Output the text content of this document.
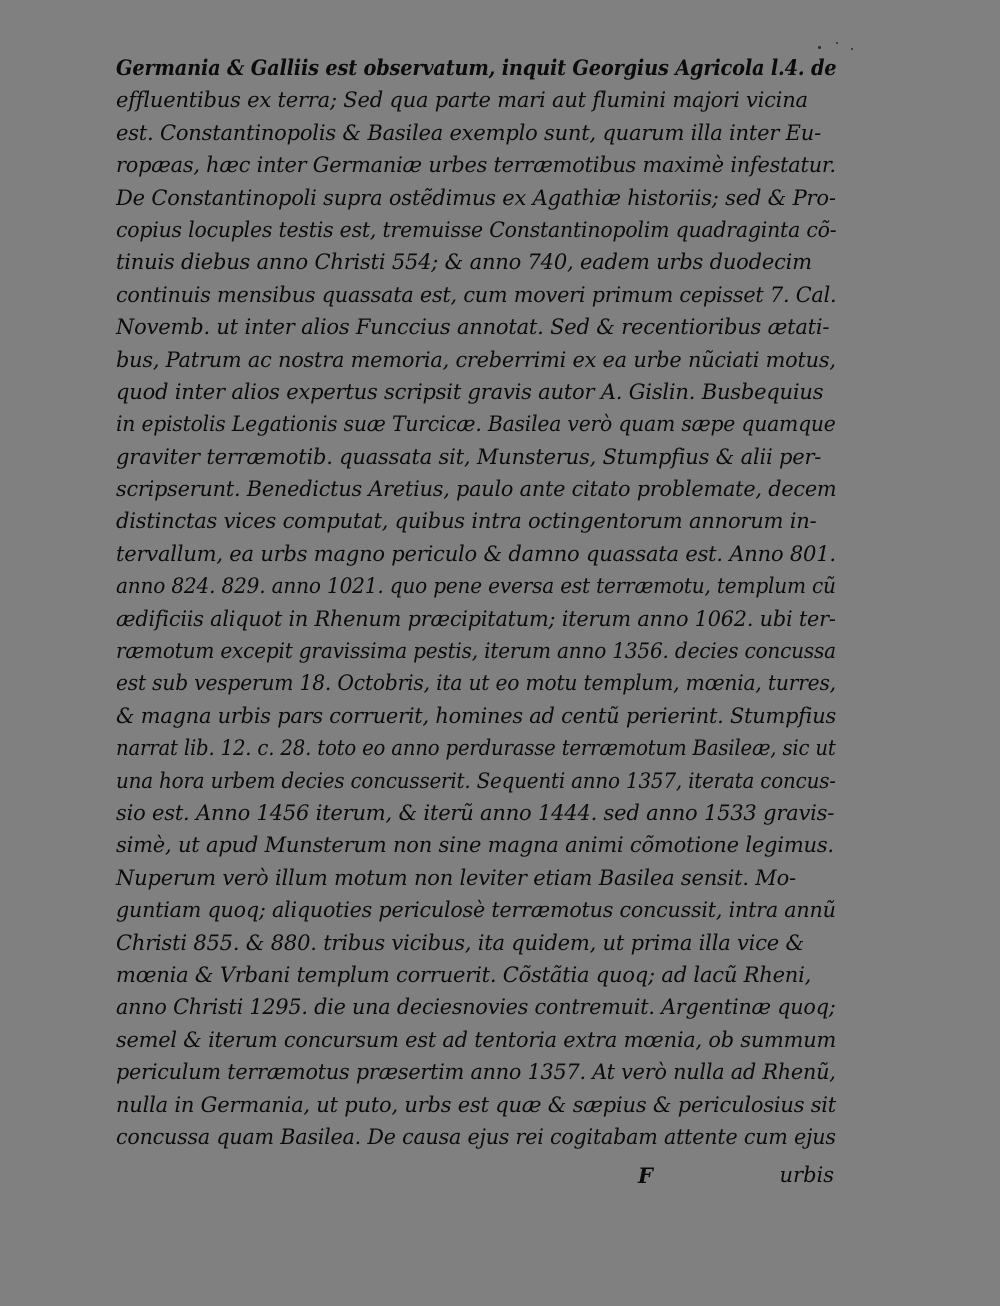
Germania & Galliis est observatum, inquit Georgius Agricola l.4. de
effluentibus ex terra; Sed qua parte mari aut flumini majori vicina
est. Constantinopolis & Basilea exemplo sunt, quarum illa inter Eu-
ropæas, hæc inter Germaniæ urbes terræmotibus maximè infestatur.
De Constantinopoli supra ostẽdimus ex Agathiæ historiis; sed & Pro-
copius locuples testis est, tremuisse Constantinopolim quadraginta cõ-
tinuis diebus anno Christi 554; & anno 740, eadem urbs duodecim
continuis mensibus quassata est, cum moveri primum cepisset 7. Cal.
Novemb. ut inter alios Funccius annotat. Sed & recentioribus ætati-
bus, Patrum ac nostra memoria, creberrimi ex ea urbe nũciati motus,
quod inter alios expertus scripsit gravis autor A. Gislin. Busbequius
in epistolis Legationis suæ Turcicæ. Basilea verò quam sæpe quamque
graviter terræmotib. quassata sit, Munsterus, Stumpfius & alii per-
scripserunt. Benedictus Aretius, paulo ante citato problemate, decem
distinctas vices computat, quibus intra octingentorum annorum in-
tervallum, ea urbs magno periculo & damno quassata est. Anno 801.
anno 824. 829. anno 1021. quo pene eversa est terræmotu, templum cũ
ædificiis aliquot in Rhenum præcipitatum; iterum anno 1062. ubi ter-
ræmotum excepit gravissima pestis, iterum anno 1356. decies concussa
est sub vesperum 18. Octobris, ita ut eo motu templum, mœnia, turres,
& magna urbis pars corruerit, homines ad centũ perierint. Stumpfius
narrat lib. 12. c. 28. toto eo anno perdurasse terræmotum Basileæ, sic ut
una hora urbem decies concusserit. Sequenti anno 1357, iterata concus-
sio est. Anno 1456 iterum, & iterũ anno 1444. sed anno 1533 gravis-
simè, ut apud Munsterum non sine magna animi cõmotione legimus.
Nuperum verò illum motum non leviter etiam Basilea sensit. Mo-
guntiam quoq; aliquoties periculosè terræmotus concussit, intra annũ
Christi 855. & 880. tribus vicibus, ita quidem, ut prima illa vice &
mœnia & Vrbani templum corruerit. Cõstãtia quoq; ad lacũ Rheni,
anno Christi 1295. die una deciesnovies contremuit. Argentinæ quoq;
semel & iterum concursum est ad tentoria extra mœnia, ob summum
periculum terræmotus præsertim anno 1357. At verò nulla ad Rhenũ,
nulla in Germania, ut puto, urbs est quæ & sæpius & periculosius sit
concussa quam Basilea. De causa ejus rei cogitabam attente cum ejus
F	urbis
